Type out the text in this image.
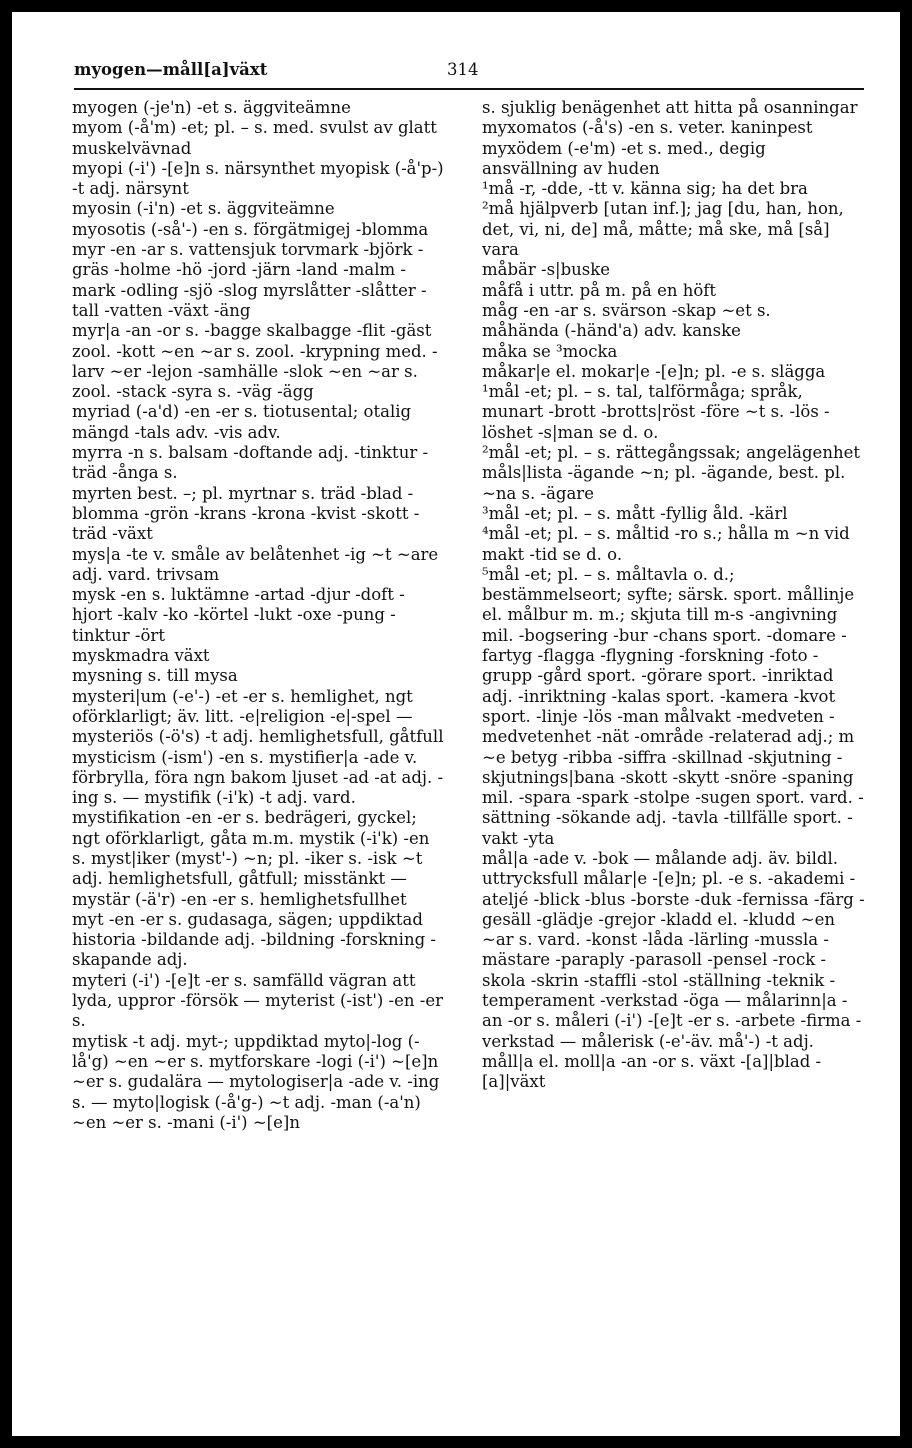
myogen—måll[a]växt	314

myogen (-je'n) -et s. äggviteämne

myom (-å'm) -et; pl. – s. med. svulst av glatt muskelvävnad

myopi (-i') -[e]n s. närsynthet myopisk (-å'p-) -t adj. närsynt

myosin (-i'n) -et s. äggviteämne

myosotis (-så'-) -en s. förgätmigej -blomma

myr -en -ar s. vattensjuk torvmark -björk -gräs -holme -hö -jord -järn -land -malm -mark -odling -sjö -slog myrslåtter -slåtter -tall -vatten -växt -äng

myr|a -an -or s. -bagge skalbagge -flit -gäst zool. -kott ~en ~ar s. zool. -krypning med. -larv ~er -lejon -samhälle -slok ~en ~ar s. zool. -stack -syra s. -väg -ägg

myriad (-a'd) -en -er s. tiotusental; otalig mängd -tals adv. -vis adv.

myrra -n s. balsam -doftande adj. -tinktur -träd -ånga s.

myrten best. –; pl. myrtnar s. träd -blad -blomma -grön -krans -krona -kvist -skott -träd -växt

mys|a -te v. småle av belåtenhet -ig ~t ~are adj. vard. trivsam

mysk -en s. luktämne -artad -djur -doft -hjort -kalv -ko -körtel -lukt -oxe -pung -tinktur -ört

myskmadra växt

mysning s. till mysa

mysteri|um (-e'-) -et -er s. hemlighet, ngt oförklarligt; äv. litt. -e|religion -e|-spel — mysteriös (-ö's) -t adj. hemlighetsfull, gåtfull mysticism (-ism') -en s. mystifier|a -ade v. förbrylla, föra ngn bakom ljuset -ad -at adj. -ing s. — mystifik (-i'k) -t adj. vard. mystifikation -en -er s. bedrägeri, gyckel; ngt oförklarligt, gåta m.m. mystik (-i'k) -en s. myst|iker (myst'-) ~n; pl. -iker s. -isk ~t adj. hemlighetsfull, gåtfull; misstänkt — mystär (-ä'r) -en -er s. hemlighetsfullhet

myt -en -er s. gudasaga, sägen; uppdiktad historia -bildande adj. -bildning -forskning -skapande adj.

myteri (-i') -[e]t -er s. samfälld vägran att lyda, uppror -försök — myterist (-ist') -en -er s.

mytisk -t adj. myt-; uppdiktad myto|-log (-lå'g) ~en ~er s. mytforskare -logi (-i') ~[e]n ~er s. gudalära — mytologiser|a -ade v. -ing s. — myto|logisk (-å'g-) ~t adj. -man (-a'n) ~en ~er s. -mani (-i') ~[e]n

s. sjuklig benägenhet att hitta på osanningar

myxomatos (-å's) -en s. veter. kaninpest

myxödem (-e'm) -et s. med., degig ansvällning av huden

¹må -r, -dde, -tt v. känna sig; ha det bra

²må hjälpverb [utan inf.]; jag [du, han, hon, det, vi, ni, de] må, måtte; må ske, må [så] vara

måbär -s|buske

måfå i uttr. på m. på en höft

måg -en -ar s. svärson -skap ~et s.

måhända (-händ'a) adv. kanske

måka se ³mocka

måkar|e el. mokar|e -[e]n; pl. -e s. slägga

¹mål -et; pl. – s. tal, talförmåga; språk, munart -brott -brotts|röst -före ~t s. -lös -löshet -s|man se d. o.

²mål -et; pl. – s. rättegångssak; angelägenhet måls|lista -ägande ~n; pl. -ägande, best. pl. ~na s. -ägare

³mål -et; pl. – s. mått -fyllig åld. -kärl

⁴mål -et; pl. – s. måltid -ro s.; hålla m ~n vid makt -tid se d. o.

⁵mål -et; pl. – s. måltavla o. d.; bestämmelseort; syfte; särsk. sport. mållinje el. målbur m. m.; skjuta till m-s -angivning mil. -bogsering -bur -chans sport. -domare -fartyg -flagga -flygning -forskning -foto -grupp -gård sport. -görare sport. -inriktad adj. -inriktning -kalas sport. -kamera -kvot sport. -linje -lös -man målvakt -medveten -medvetenhet -nät -område -relaterad adj.; m ~e betyg -ribba -siffra -skillnad -skjutning -skjutnings|bana -skott -skytt -snöre -spaning mil. -spara -spark -stolpe -sugen sport. vard. -sättning -sökande adj. -tavla -tillfälle sport. -vakt -yta

mål|a -ade v. -bok — målande adj. äv. bildl. uttrycksfull målar|e -[e]n; pl. -e s. -akademi -ateljé -blick -blus -borste -duk -fernissa -färg -gesäll -glädje -grejor -kladd el. -kludd ~en ~ar s. vard. -konst -låda -lärling -mussla -mästare -paraply -parasoll -pensel -rock -skola -skrin -staffli -stol -ställning -teknik -temperament -verkstad -öga — målarinn|a -an -or s. måleri (-i') -[e]t -er s. -arbete -firma -verkstad — målerisk (-e'-äv. må'-) -t adj.

måll|a el. moll|a -an -or s. växt -[a]|blad -[a]|växt
